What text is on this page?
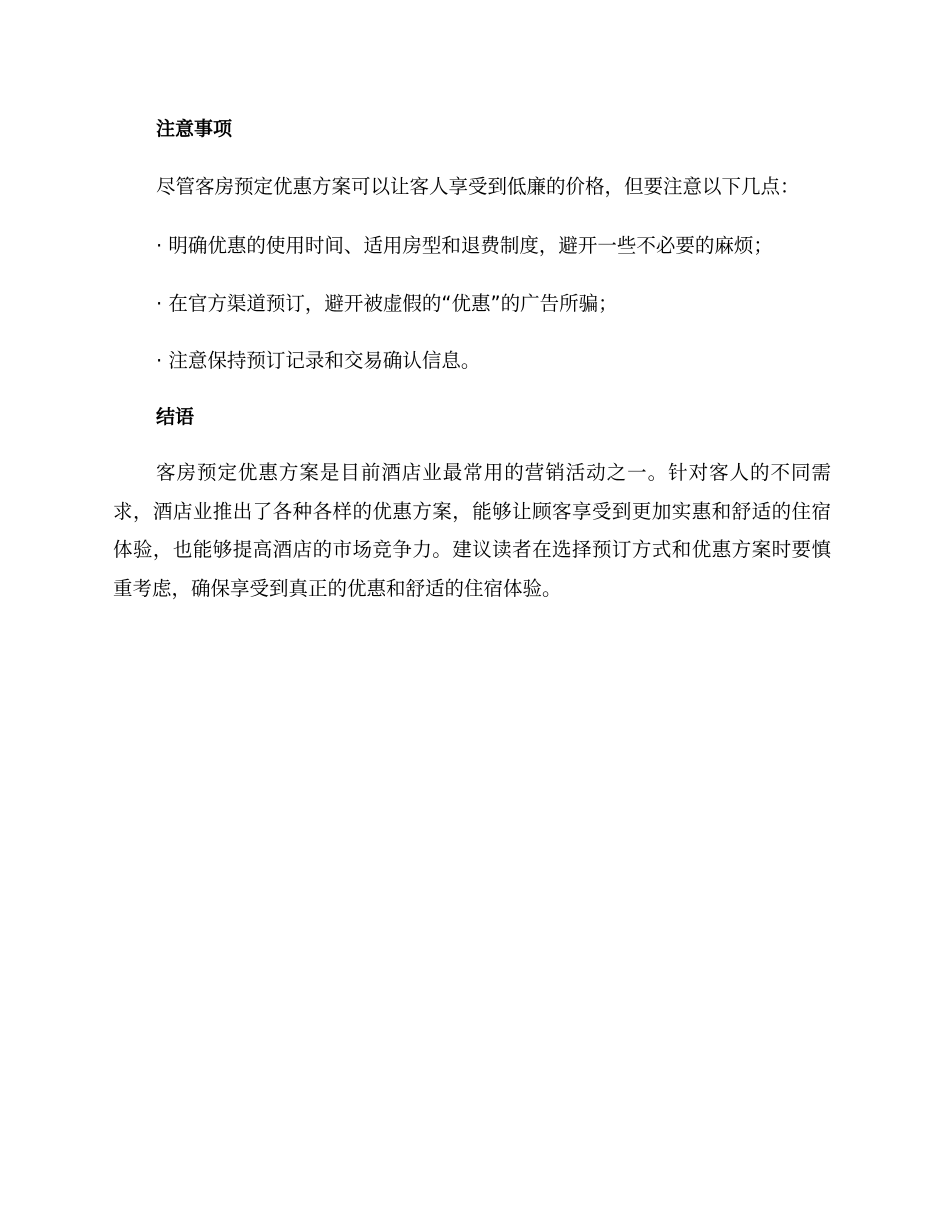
注意事项

尽管客房预定优惠方案可以让客人享受到低廉的价格，但要注意以下几点：

· 明确优惠的使用时间、适用房型和退费制度，避开一些不必要的麻烦；

· 在官方渠道预订，避开被虚假的“优惠”的广告所骗；

· 注意保持预订记录和交易确认信息。

结语

客房预定优惠方案是目前酒店业最常用的营销活动之一。针对客人的不同需求，酒店业推出了各种各样的优惠方案，能够让顾客享受到更加实惠和舒适的住宿体验，也能够提高酒店的市场竞争力。建议读者在选择预订方式和优惠方案时要慎重考虑，确保享受到真正的优惠和舒适的住宿体验。
